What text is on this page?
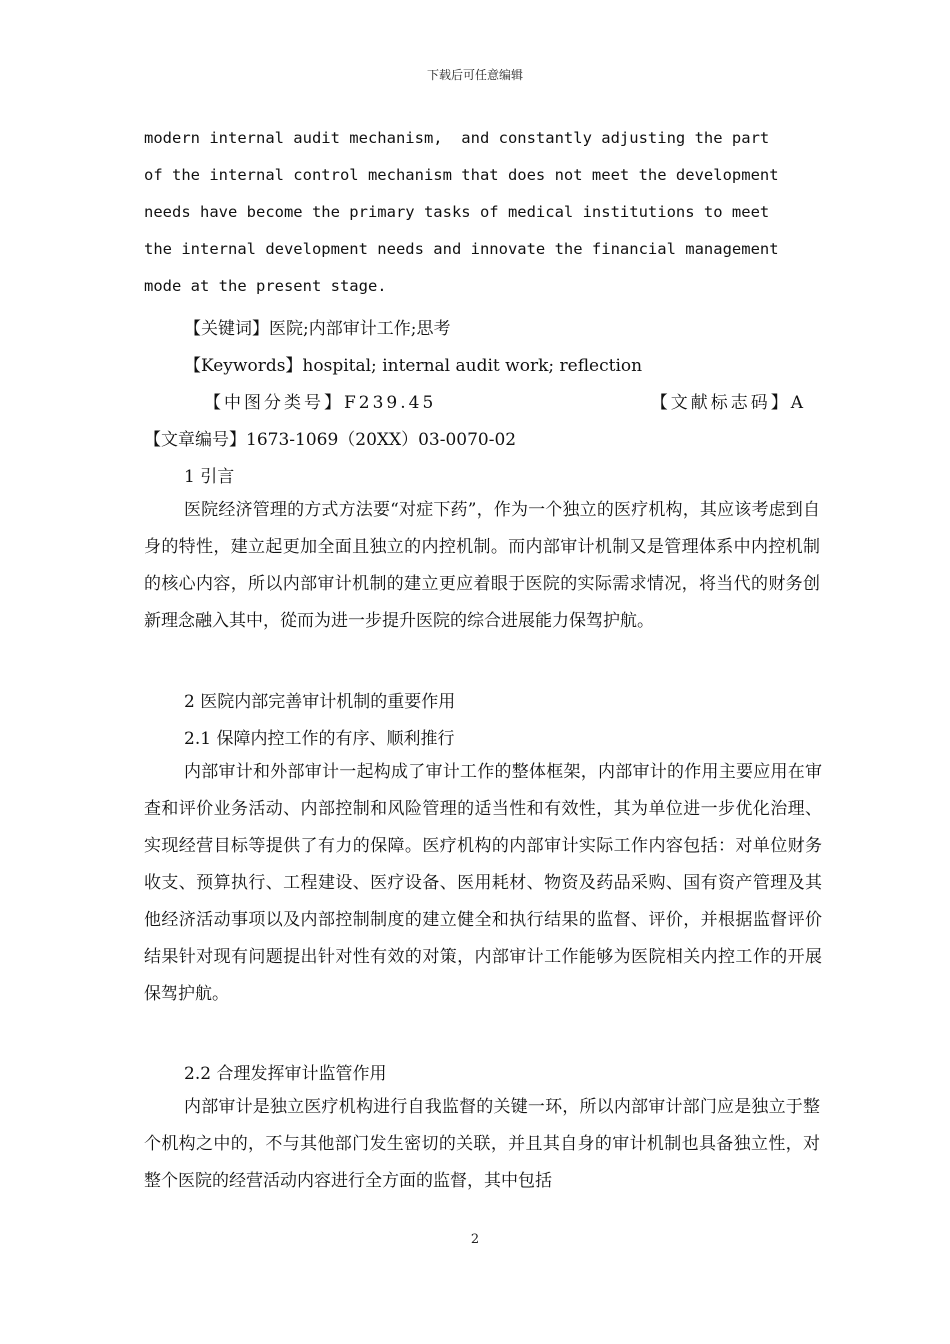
下载后可任意编辑
modern internal audit mechanism,  and constantly adjusting the part
of the internal control mechanism that does not meet the development
needs have become the primary tasks of medical institutions to meet
the internal development needs and innovate the financial management
mode at the present stage.
【关键词】医院;内部审计工作;思考
【Keywords】hospital; internal audit work; reflection
【中图分类号】F239.45	【文献标志码】A
【文章编号】1673-1069（20XX）03-0070-02
1 引言
医院经济管理的方式方法要“对症下药”，作为一个独立的医疗机构，其应该考虑到自身的特性，建立起更加全面且独立的内控机制。而内部审计机制又是管理体系中内控机制的核心内容，所以内部审计机制的建立更应着眼于医院的实际需求情况，将当代的财务创新理念融入其中，從而为进一步提升医院的综合进展能力保驾护航。
2 医院内部完善审计机制的重要作用
2.1 保障内控工作的有序、顺利推行
内部审计和外部审计一起构成了审计工作的整体框架，内部审计的作用主要应用在审查和评价业务活动、内部控制和风险管理的适当性和有效性，其为单位进一步优化治理、实现经营目标等提供了有力的保障。医疗机构的内部审计实际工作内容包括：对单位财务收支、预算执行、工程建设、医疗设备、医用耗材、物资及药品采购、国有资产管理及其他经济活动事项以及内部控制制度的建立健全和执行结果的监督、评价，并根据监督评价结果针对现有问题提出针对性有效的对策，内部审计工作能够为医院相关内控工作的开展保驾护航。
2.2 合理发挥审计监管作用
内部审计是独立医疗机构进行自我监督的关键一环，所以内部审计部门应是独立于整个机构之中的，不与其他部门发生密切的关联，并且其自身的审计机制也具备独立性，对整个医院的经营活动内容进行全方面的监督，其中包括
2
